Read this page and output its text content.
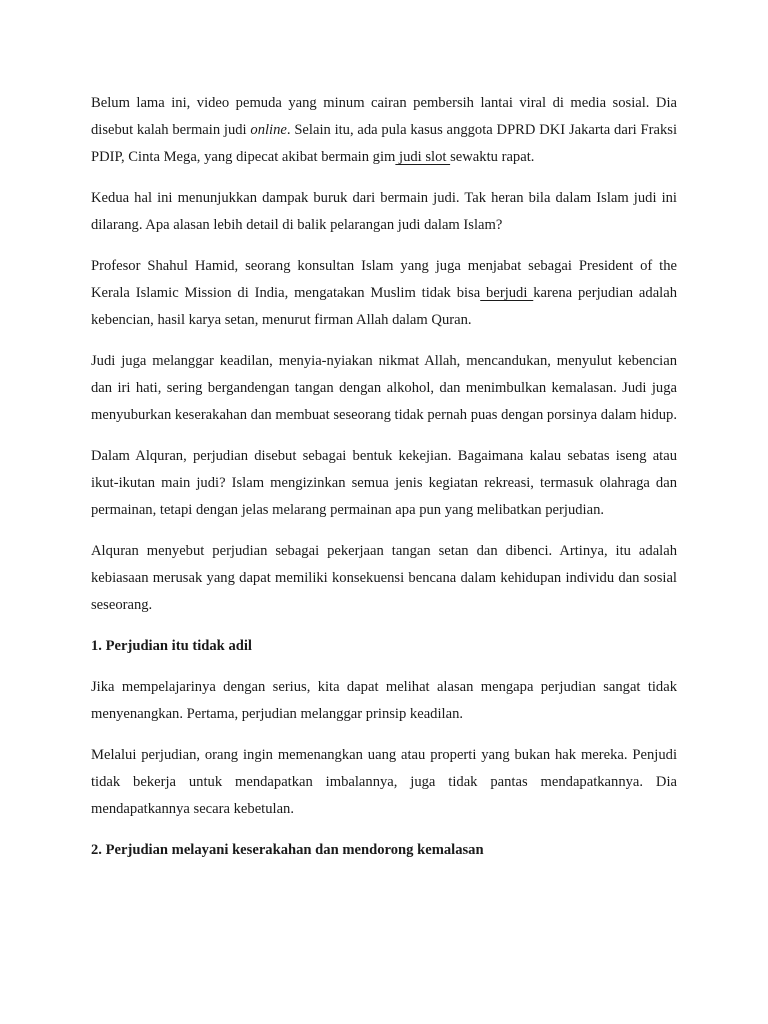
Belum lama ini, video pemuda yang minum cairan pembersih lantai viral di media sosial. Dia disebut kalah bermain judi online. Selain itu, ada pula kasus anggota DPRD DKI Jakarta dari Fraksi PDIP, Cinta Mega, yang dipecat akibat bermain gim judi slot sewaktu rapat.

Kedua hal ini menunjukkan dampak buruk dari bermain judi. Tak heran bila dalam Islam judi ini dilarang. Apa alasan lebih detail di balik pelarangan judi dalam Islam?

Profesor Shahul Hamid, seorang konsultan Islam yang juga menjabat sebagai President of the Kerala Islamic Mission di India, mengatakan Muslim tidak bisa berjudi karena perjudian adalah kebencian, hasil karya setan, menurut firman Allah dalam Quran.

Judi juga melanggar keadilan, menyia-nyiakan nikmat Allah, mencandukan, menyulut kebencian dan iri hati, sering bergandengan tangan dengan alkohol, dan menimbulkan kemalasan. Judi juga menyuburkan keserakahan dan membuat seseorang tidak pernah puas dengan porsinya dalam hidup.

Dalam Alquran, perjudian disebut sebagai bentuk kekejian. Bagaimana kalau sebatas iseng atau ikut-ikutan main judi? Islam mengizinkan semua jenis kegiatan rekreasi, termasuk olahraga dan permainan, tetapi dengan jelas melarang permainan apa pun yang melibatkan perjudian.

Alquran menyebut perjudian sebagai pekerjaan tangan setan dan dibenci. Artinya, itu adalah kebiasaan merusak yang dapat memiliki konsekuensi bencana dalam kehidupan individu dan sosial seseorang.

1. Perjudian itu tidak adil

Jika mempelajarinya dengan serius, kita dapat melihat alasan mengapa perjudian sangat tidak menyenangkan. Pertama, perjudian melanggar prinsip keadilan.

Melalui perjudian, orang ingin memenangkan uang atau properti yang bukan hak mereka. Penjudi tidak bekerja untuk mendapatkan imbalannya, juga tidak pantas mendapatkannya. Dia mendapatkannya secara kebetulan.

2. Perjudian melayani keserakahan dan mendorong kemalasan
